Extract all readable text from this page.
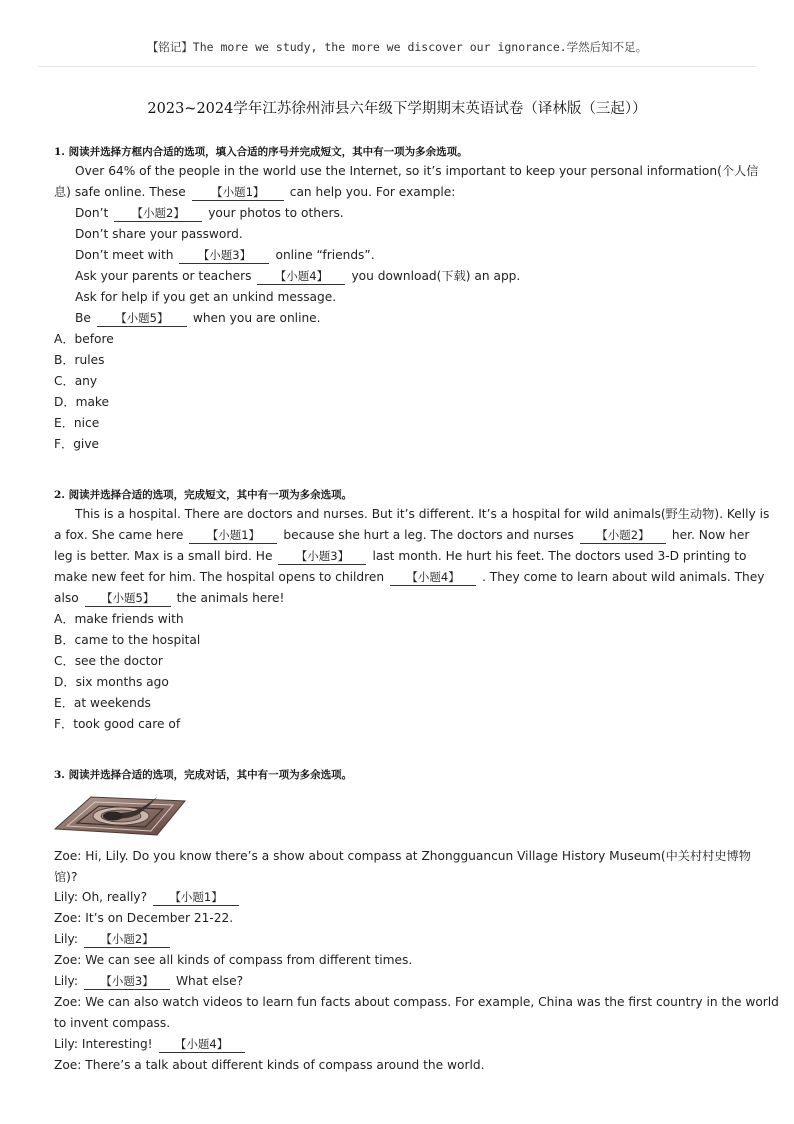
【铭记】The more we study, the more we discover our ignorance.学然后知不足。
2023~2024学年江苏徐州沛县六年级下学期期末英语试卷（译林版（三起））
1. 阅读并选择方框内合适的选项，填入合适的序号并完成短文，其中有一项为多余选项。
Over 64% of the people in the world use the Internet, so it’s important to keep your personal information(个人信
息) safe online. These 【小题1】 can help you. For example:
Don’t 【小题2】 your photos to others.
Don’t share your password.
Don’t meet with 【小题3】 online “friends”.
Ask your parents or teachers 【小题4】 you download(下载) an app.
Ask for help if you get an unkind message.
Be 【小题5】 when you are online.
A．before
B．rules
C．any
D．make
E．nice
F．give
2. 阅读并选择合适的选项，完成短文，其中有一项为多余选项。
This is a hospital. There are doctors and nurses. But it’s different. It’s a hospital for wild animals(野生动物). Kelly is
a fox. She came here 【小题1】 because she hurt a leg. The doctors and nurses 【小题2】 her. Now her
leg is better. Max is a small bird. He 【小题3】 last month. He hurt his feet. The doctors used 3-D printing to
make new feet for him. The hospital opens to children 【小题4】 . They come to learn about wild animals. They
also 【小题5】 the animals here!
A．make friends with
B．came to the hospital
C．see the doctor
D．six months ago
E．at weekends
F．took good care of
3. 阅读并选择合适的选项，完成对话，其中有一项为多余选项。
Zoe: Hi, Lily. Do you know there’s a show about compass at Zhongguancun Village History Museum(中关村村史博物
馆)?
Lily: Oh, really? 【小题1】
Zoe: It’s on December 21-22.
Lily: 【小题2】
Zoe: We can see all kinds of compass from different times.
Lily: 【小题3】 What else?
Zoe: We can also watch videos to learn fun facts about compass. For example, China was the first country in the world
to invent compass.
Lily: Interesting! 【小题4】
Zoe: There’s a talk about different kinds of compass around the world.
